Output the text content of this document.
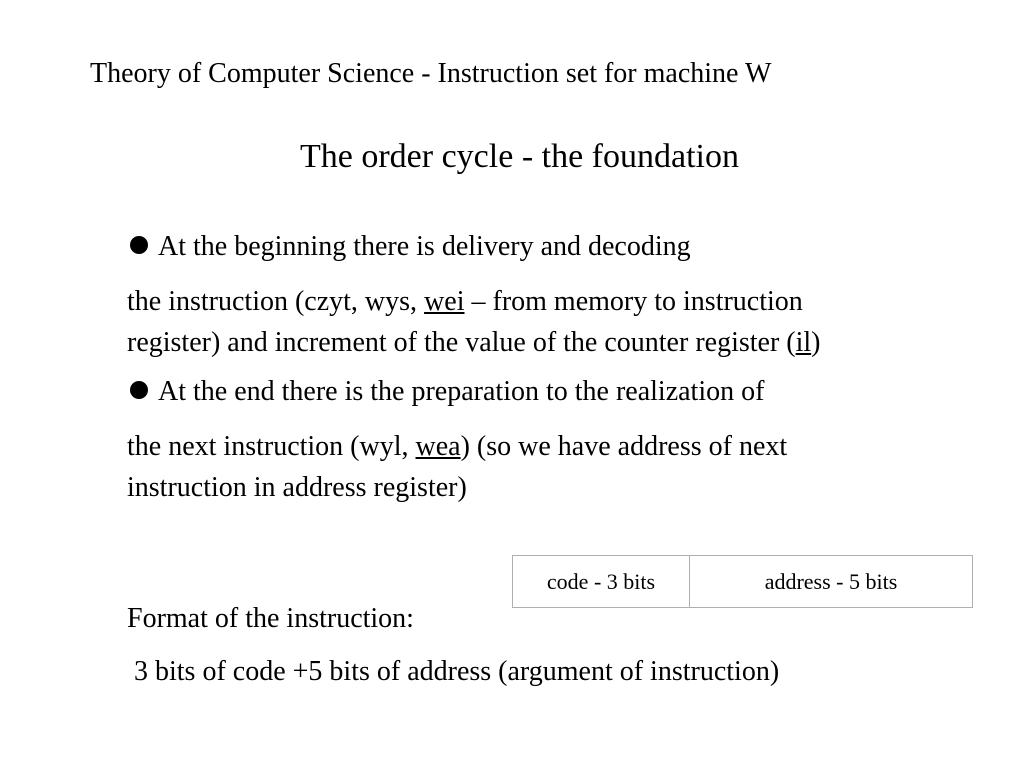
Theory of Computer Science - Instruction set for machine W
The order cycle - the foundation
At the beginning there is delivery and decoding
the instruction (czyt, wys, wei – from memory to instruction
register) and increment of the value of the counter register (il)
At the end there is the preparation to the realization of
the next instruction (wyl, wea) (so we have address of next
instruction in address register)
code - 3 bits	address - 5 bits
Format of the instruction:
3 bits of code +5 bits of address (argument of instruction)
